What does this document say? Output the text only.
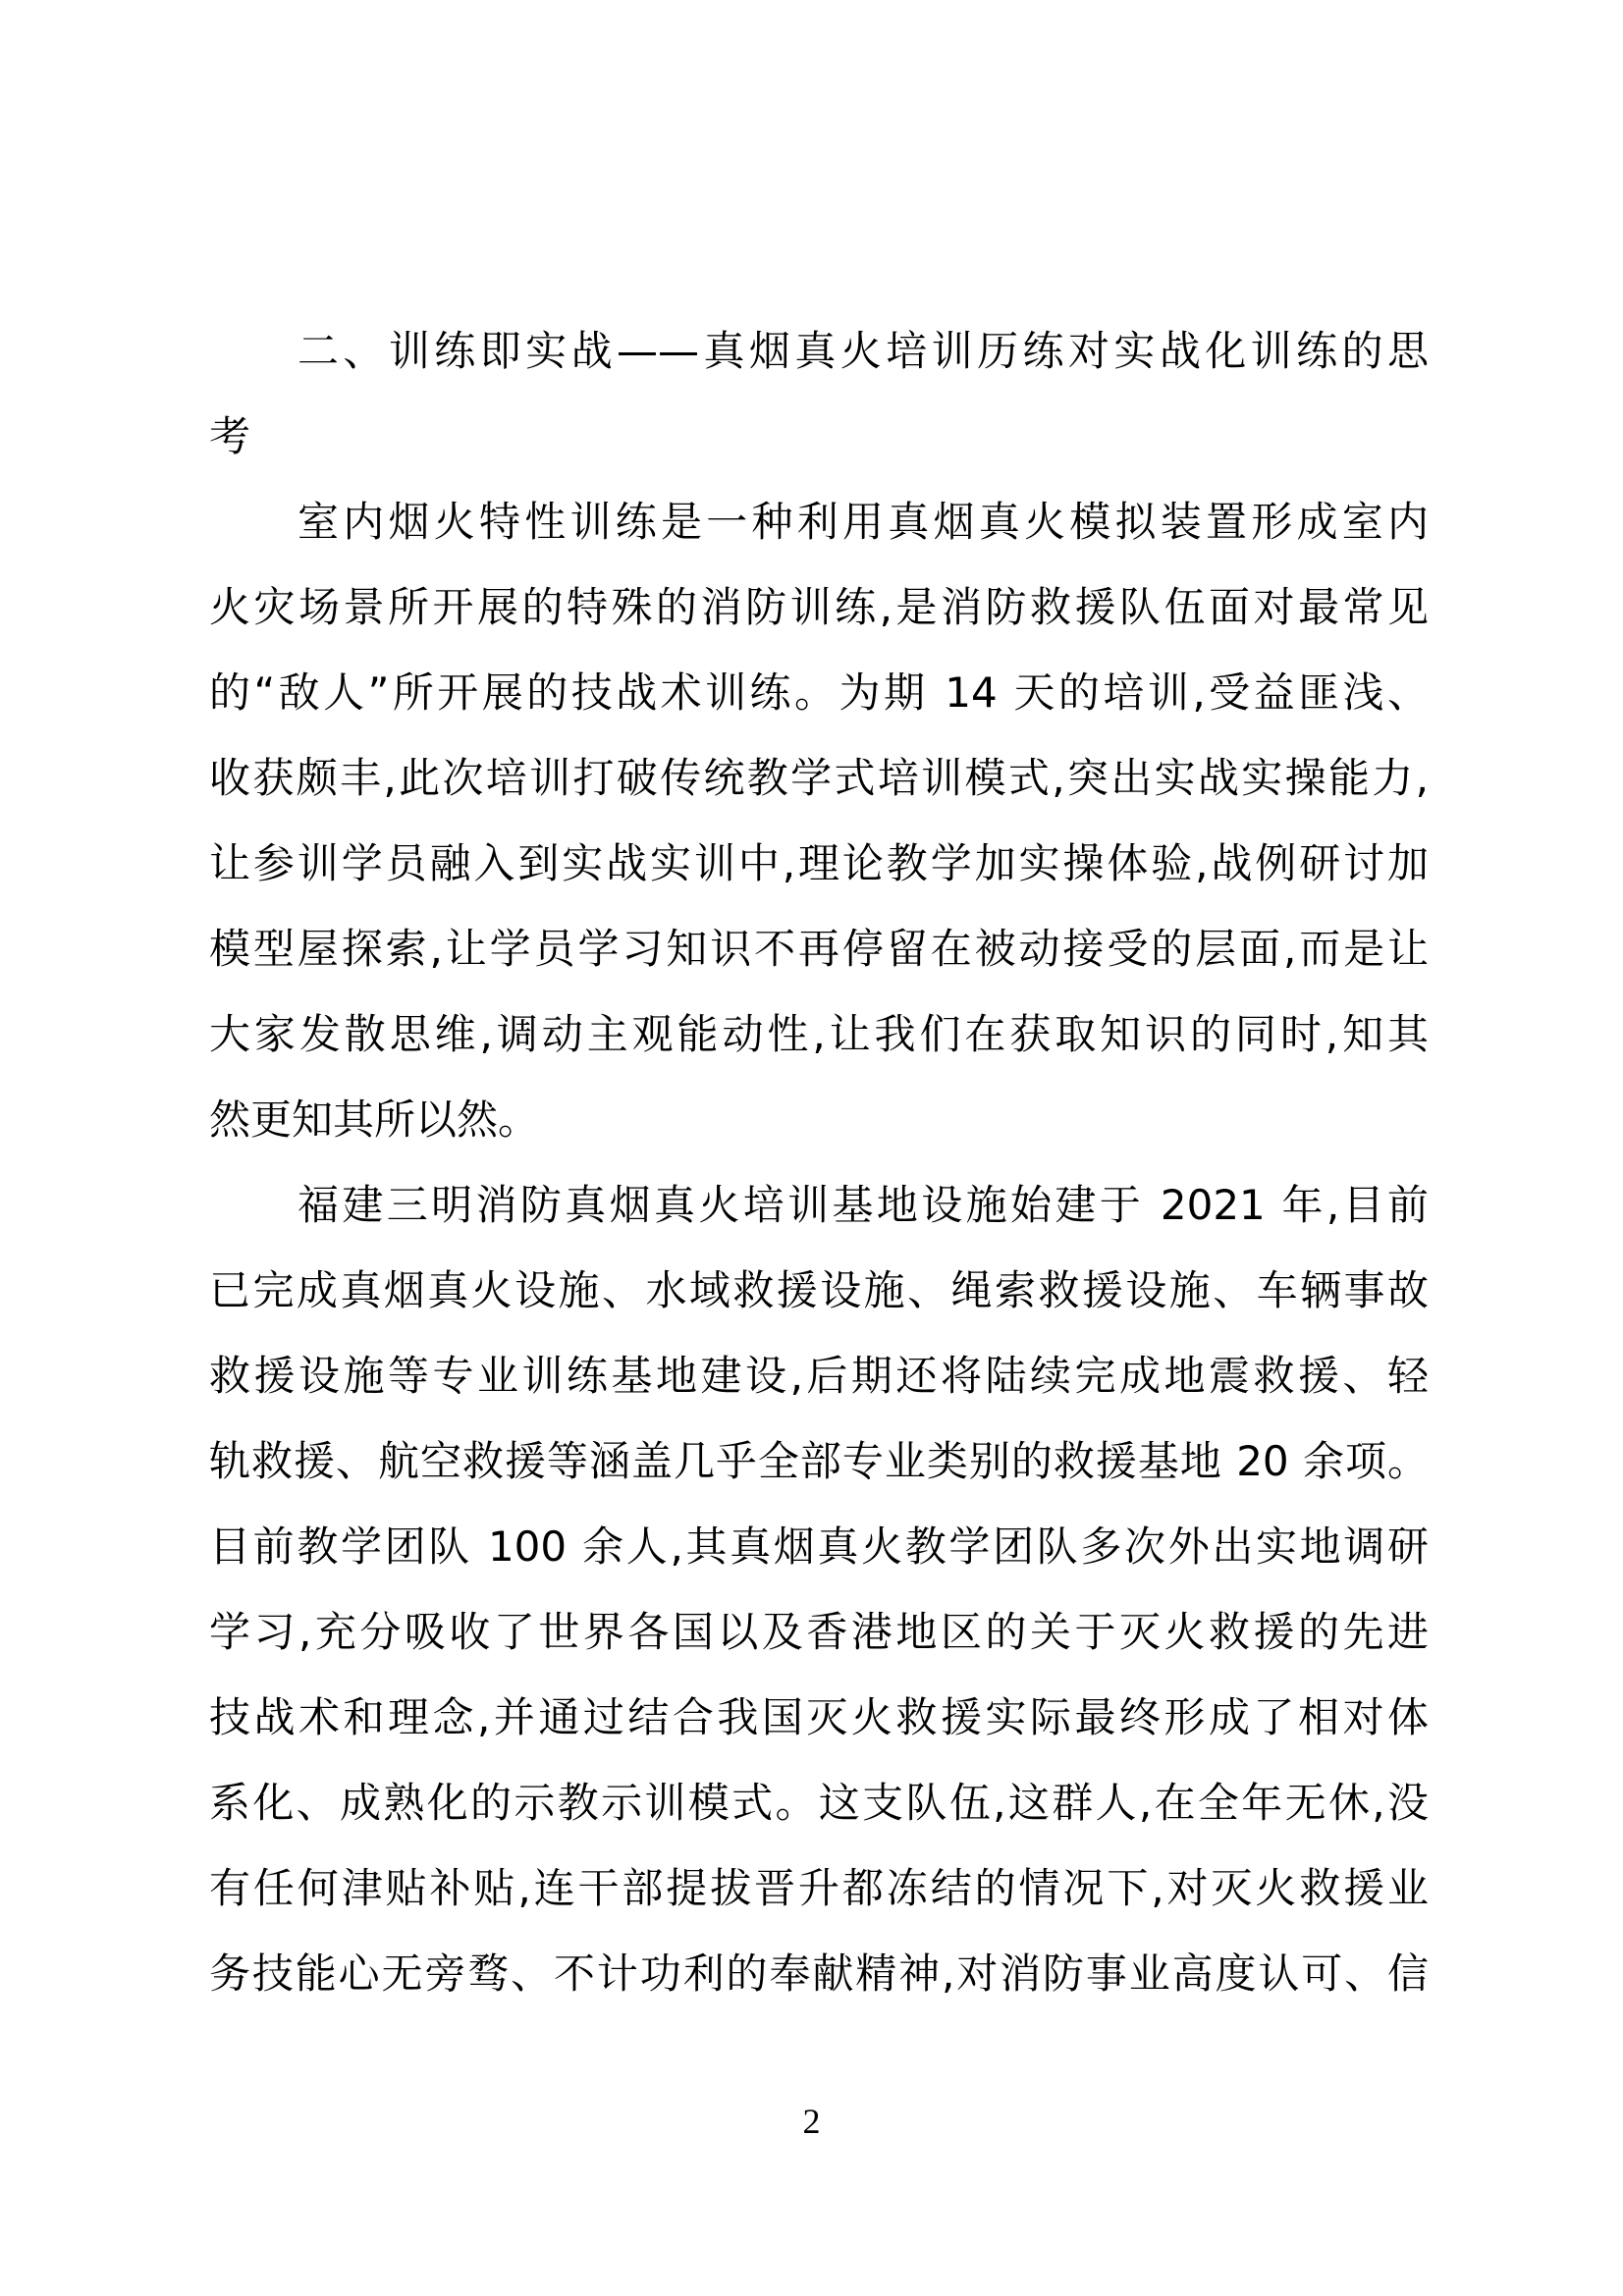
二、训练即实战——真烟真火培训历练对实战化训练的思
考
室内烟火特性训练是一种利用真烟真火模拟装置形成室内
火灾场景所开展的特殊的消防训练,是消防救援队伍面对最常见
的“敌人”所开展的技战术训练。为期 14 天的培训,受益匪浅、
收获颇丰,此次培训打破传统教学式培训模式,突出实战实操能力,
让参训学员融入到实战实训中,理论教学加实操体验,战例研讨加
模型屋探索,让学员学习知识不再停留在被动接受的层面,而是让
大家发散思维,调动主观能动性,让我们在获取知识的同时,知其
然更知其所以然。
福建三明消防真烟真火培训基地设施始建于 2021 年,目前
已完成真烟真火设施、水域救援设施、绳索救援设施、车辆事故
救援设施等专业训练基地建设,后期还将陆续完成地震救援、轻
轨救援、航空救援等涵盖几乎全部专业类别的救援基地 20 余项。
目前教学团队 100 余人,其真烟真火教学团队多次外出实地调研
学习,充分吸收了世界各国以及香港地区的关于灭火救援的先进
技战术和理念,并通过结合我国灭火救援实际最终形成了相对体
系化、成熟化的示教示训模式。这支队伍,这群人,在全年无休,没
有任何津贴补贴,连干部提拔晋升都冻结的情况下,对灭火救援业
务技能心无旁骛、不计功利的奉献精神,对消防事业高度认可、信
2
